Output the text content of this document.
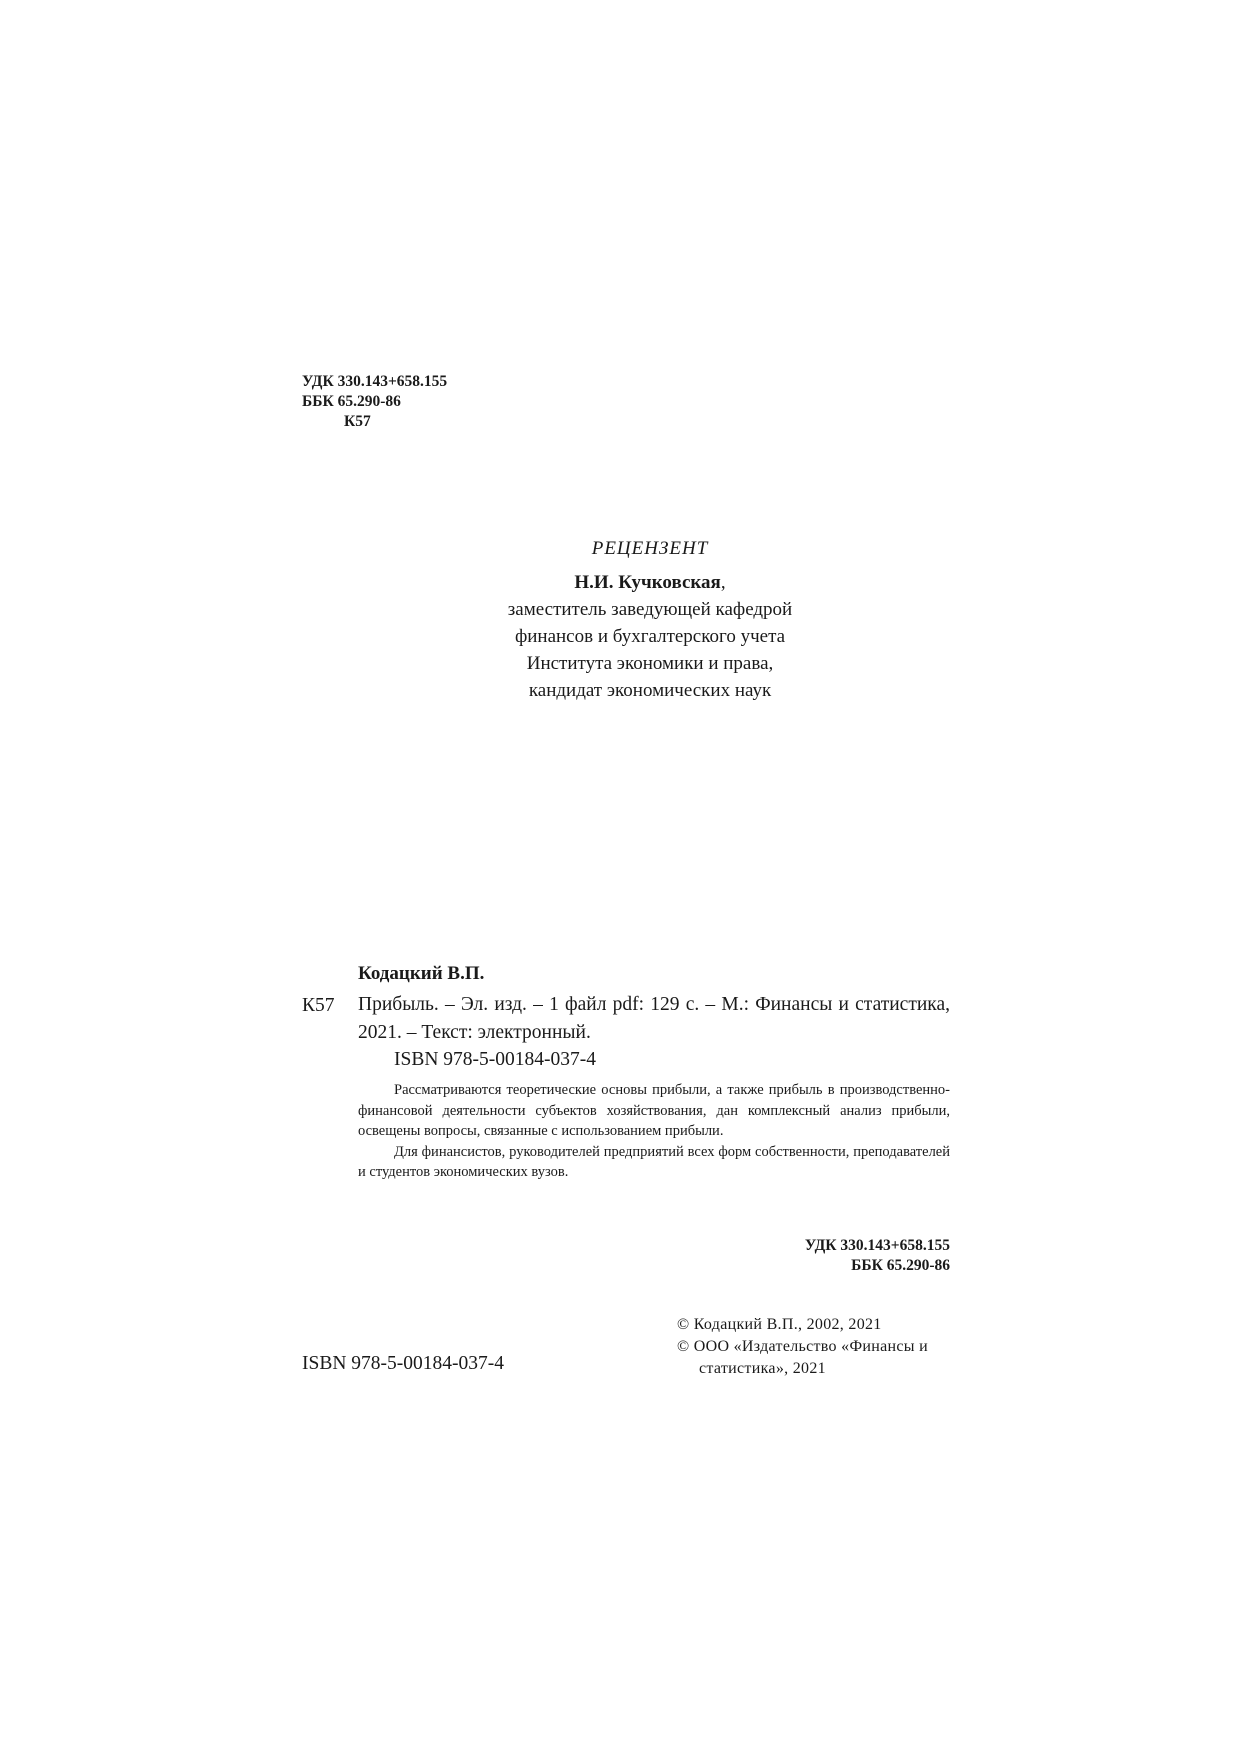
УДК 330.143+658.155
ББК 65.290-86
К57
РЕЦЕНЗЕНТ
Н.И. Кучковская,
заместитель заведующей кафедрой
финансов и бухгалтерского учета
Института экономики и права,
кандидат экономических наук
Кодацкий В.П.
К57 Прибыль. – Эл. изд. – 1 файл pdf: 129 с. – М.: Финансы и статистика, 2021. – Текст: электронный.
ISBN 978-5-00184-037-4

Рассматриваются теоретические основы прибыли, а также прибыль в производственно-финансовой деятельности субъектов хозяйствования, дан комплексный анализ прибыли, освещены вопросы, связанные с использованием прибыли.

Для финансистов, руководителей предприятий всех форм собственности, преподавателей и студентов экономических вузов.

УДК 330.143+658.155
ББК 65.290-86
© Кодацкий В.П., 2002, 2021
© ООО «Издательство «Финансы и статистика», 2021
ISBN 978-5-00184-037-4
